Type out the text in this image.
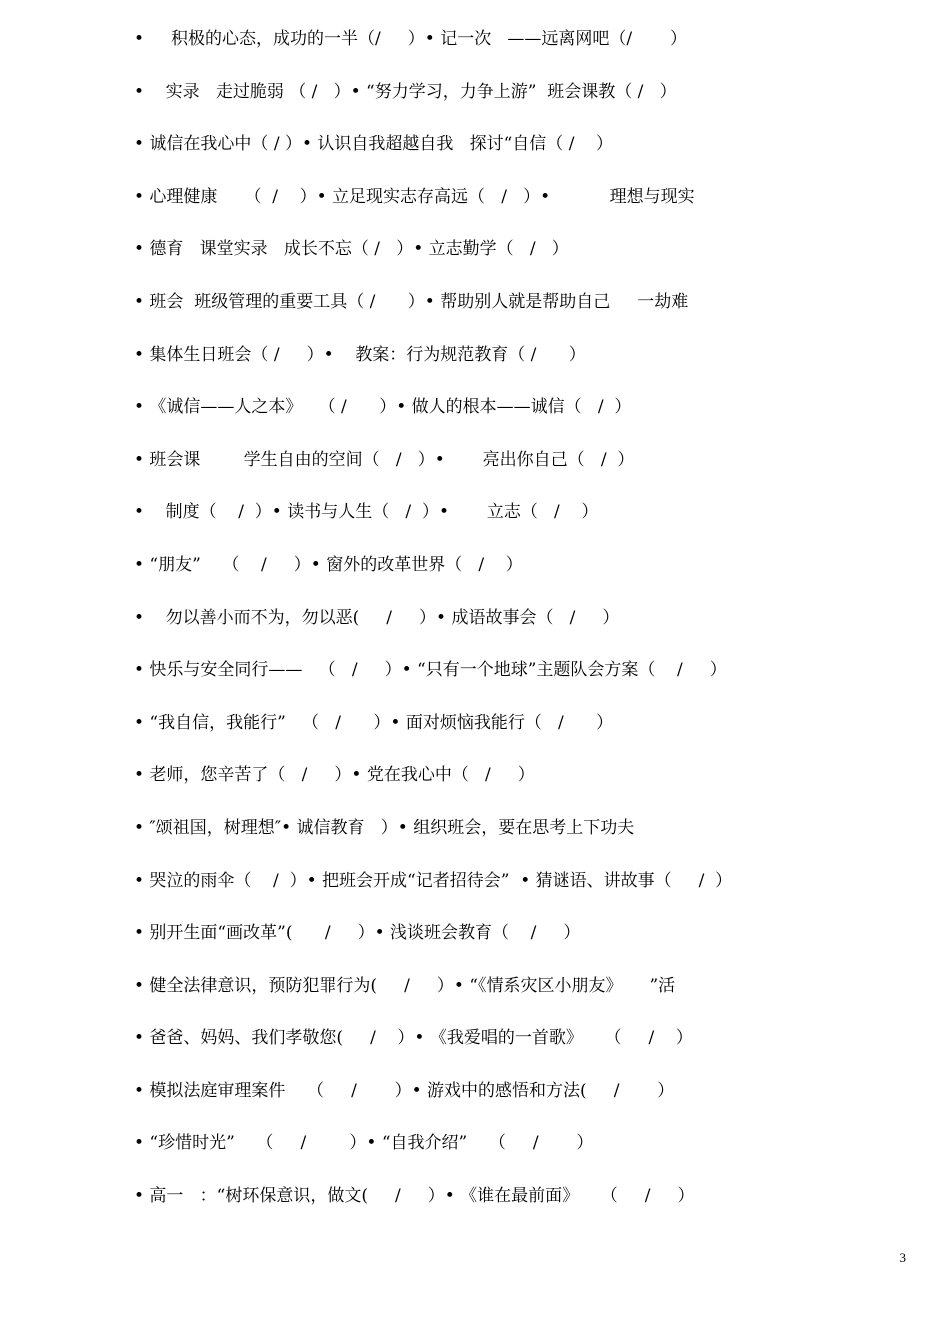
•     积极的心态，成功的一半（/     ）• 记一次   ——远离网吧（/       ）
•    实录   走过脆弱 （ /   ）• “努力学习，力争上游”  班会课教（ /   ）
• 诚信在我心中（ / ）• 认识自我超越自我   探讨“自信（ /    ）
• 心理健康     （  /    ）• 立足现实志存高远（   /   ）•           理想与现实
• 德育   课堂实录   成长不忘（ /   ）• 立志勤学（   /   ）
• 班会  班级管理的重要工具（ /      ）• 帮助别人就是帮助自己     一劫难
• 集体生日班会（ /     ）•    教案：行为规范教育（ /      ）
• 《诚信——人之本》   （ /      ）• 做人的根本——诚信（   /  ）
• 班会课        学生自由的空间（   /   ）•       亮出你自己（   /  ）
•    制度（    /  ）• 读书与人生（   /  ）•       立志（   /    ）
• “朋友”    （    /     ）• 窗外的改革世界（   /    ）
•    勿以善小而不为，勿以恶(     /     ）• 成语故事会（   /     ）
• 快乐与安全同行——   （   /     ）• “只有一个地球”主题队会方案（    /     ）
• “我自信，我能行”   （   /      ）• 面对烦恼我能行（   /      ）
• 老师，您辛苦了（   /     ）• 党在我心中（   /     ）
• ″颂祖国，树理想″• 诚信教育   ）• 组织班会，要在思考上下功夫
• 哭泣的雨伞（    /  ）• 把班会开成“记者招待会”  • 猜谜语、讲故事（     /  ）
• 别开生面“画改革”(      /     ）• 浅谈班会教育（    /     ）
• 健全法律意识，预防犯罪行为(     /     ）• “《情系灾区小朋友》     ”活
• 爸爸、妈妈、我们孝敬您(     /    ）• 《我爱唱的一首歌》    （     /    ）
• 模拟法庭审理案件    （     /       ）• 游戏中的感悟和方法(     /       ）
• “珍惜时光”    （     /        ）• “自我介绍”    （     /       ）
• 高一   ：“树环保意识，做文(     /     ）• 《谁在最前面》    （     /     ）
3
